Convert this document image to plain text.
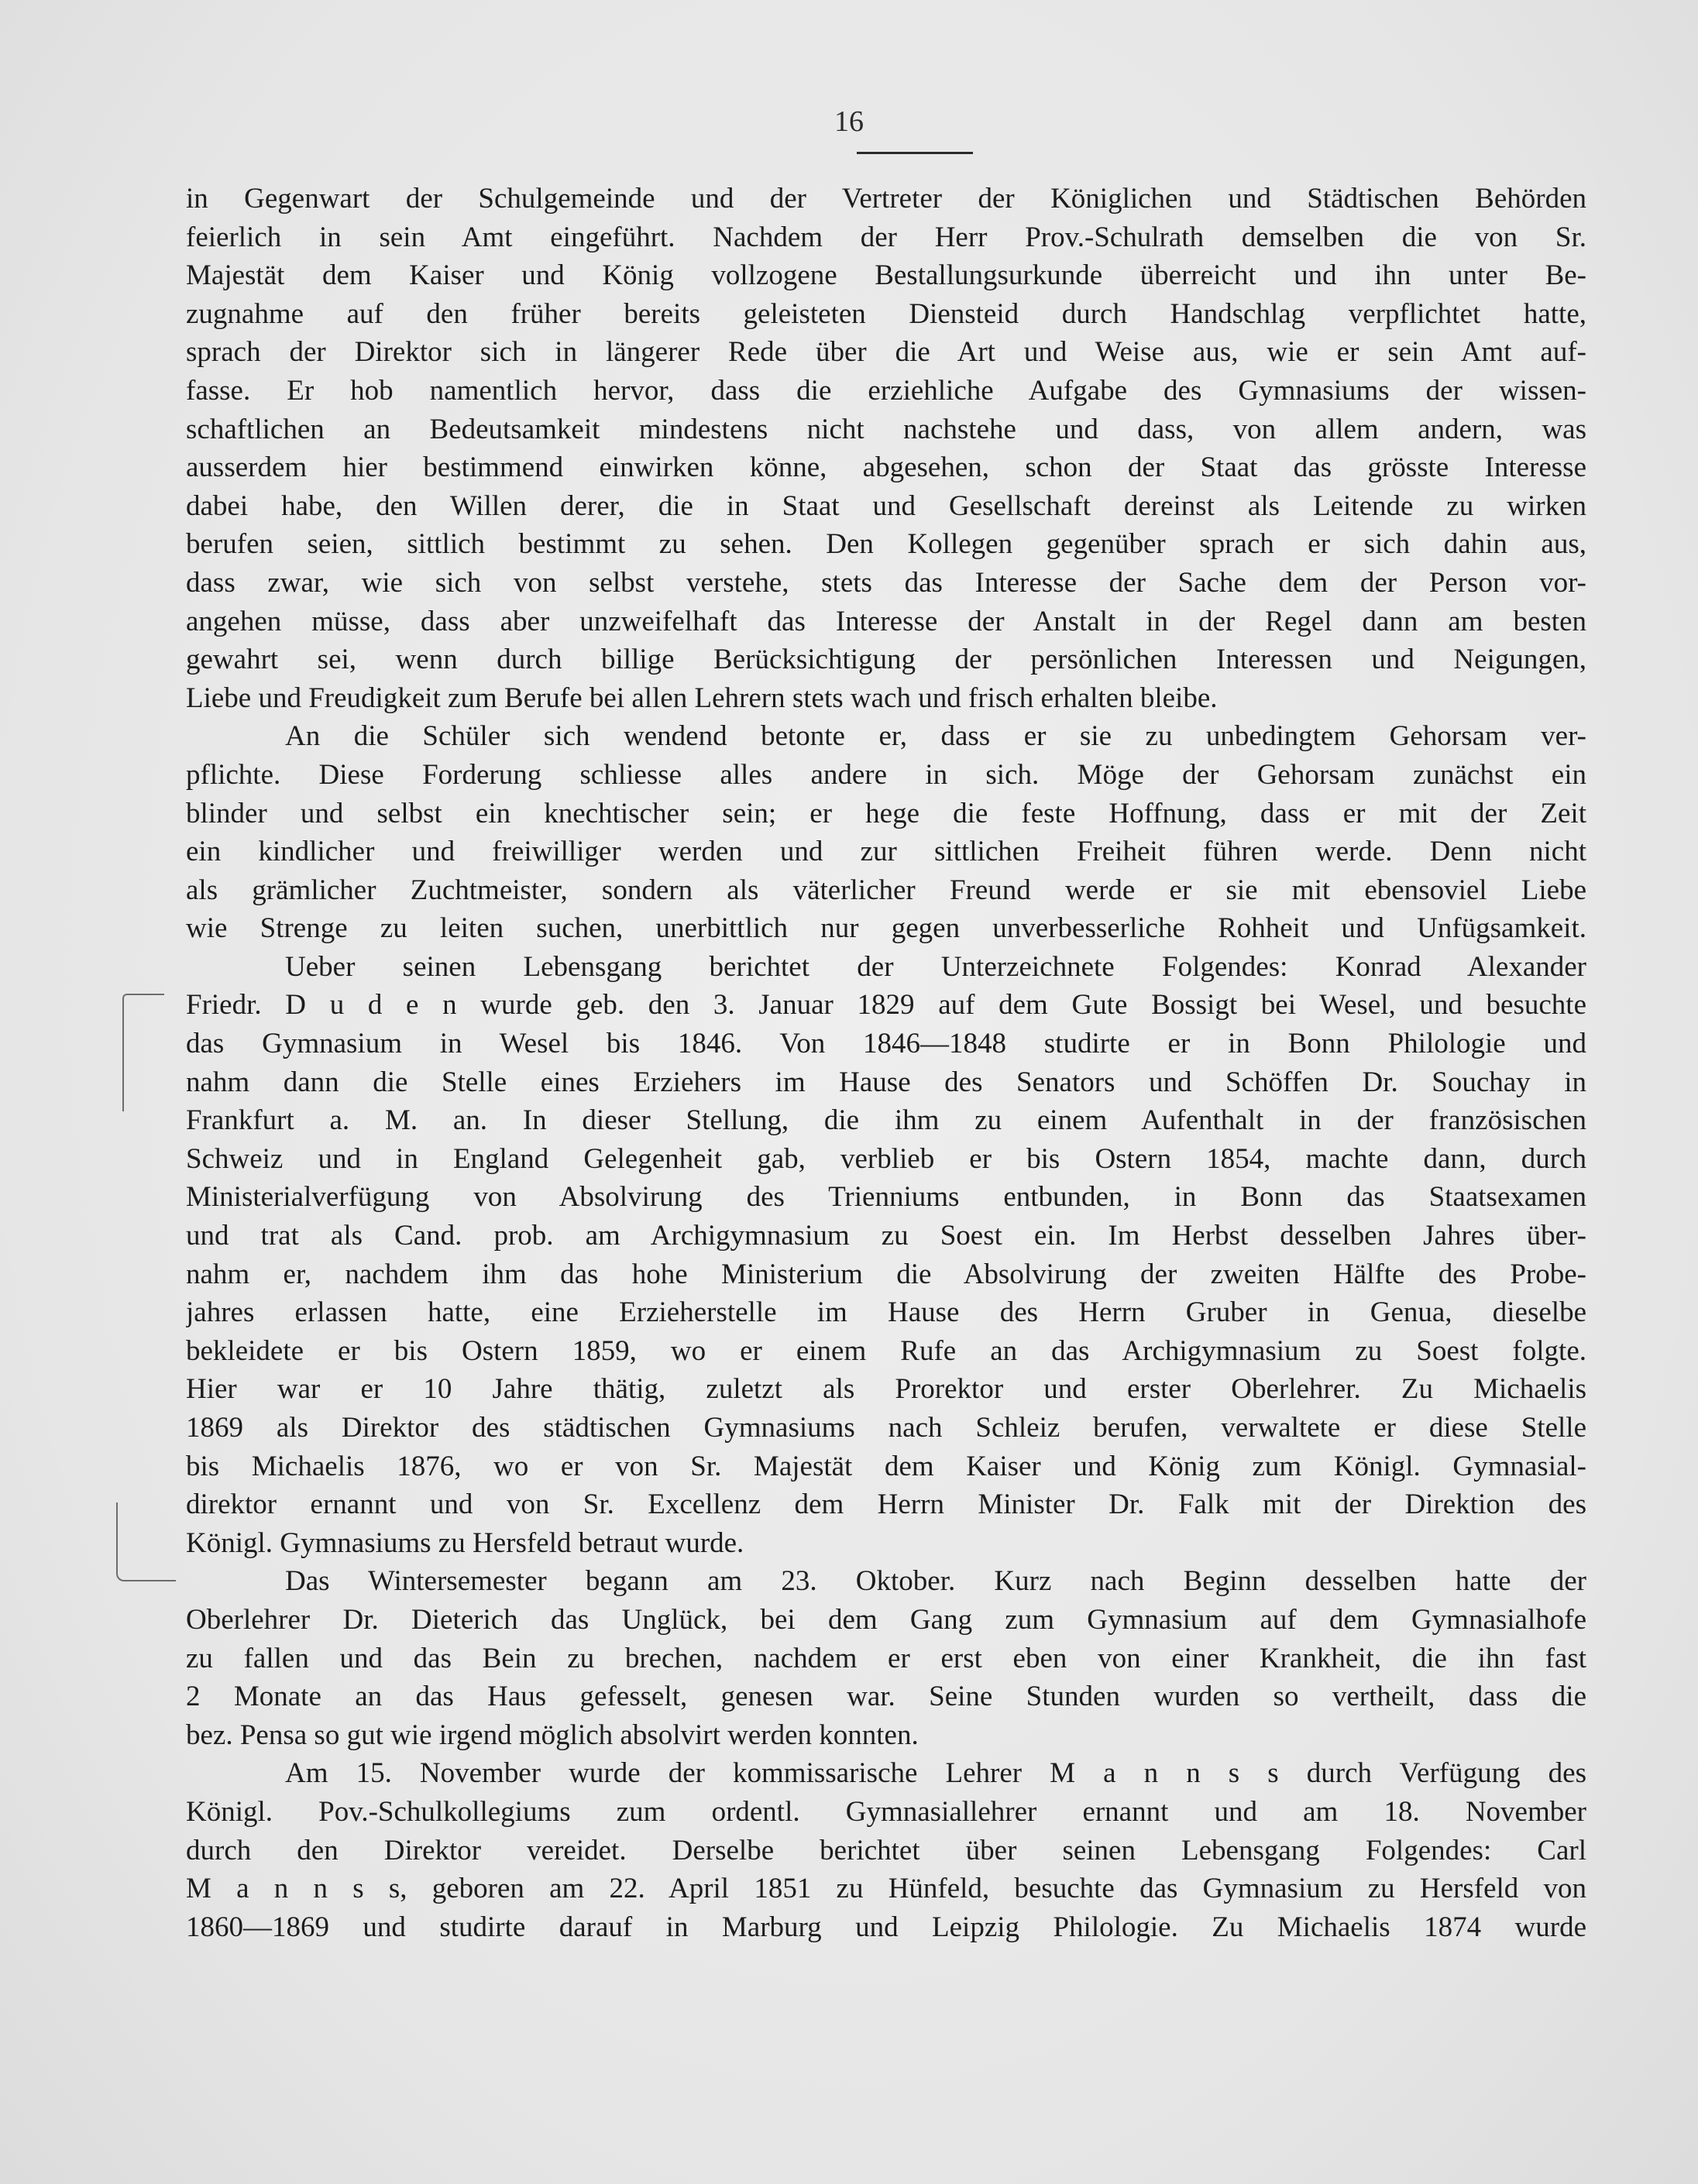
16
in Gegenwart der Schulgemeinde und der Vertreter der Königlichen und Städtischen Behörden
feierlich in sein Amt eingeführt. Nachdem der Herr Prov.-Schulrath demselben die von Sr.
Majestät dem Kaiser und König vollzogene Bestallungsurkunde überreicht und ihn unter Be-
zugnahme auf den früher bereits geleisteten Diensteid durch Handschlag verpflichtet hatte,
sprach der Direktor sich in längerer Rede über die Art und Weise aus, wie er sein Amt auf-
fasse. Er hob namentlich hervor, dass die erziehliche Aufgabe des Gymnasiums der wissen-
schaftlichen an Bedeutsamkeit mindestens nicht nachstehe und dass, von allem andern, was
ausserdem hier bestimmend einwirken könne, abgesehen, schon der Staat das grösste Interesse
dabei habe, den Willen derer, die in Staat und Gesellschaft dereinst als Leitende zu wirken
berufen seien, sittlich bestimmt zu sehen. Den Kollegen gegenüber sprach er sich dahin aus,
dass zwar, wie sich von selbst verstehe, stets das Interesse der Sache dem der Person vor-
angehen müsse, dass aber unzweifelhaft das Interesse der Anstalt in der Regel dann am besten
gewahrt sei, wenn durch billige Berücksichtigung der persönlichen Interessen und Neigungen,
Liebe und Freudigkeit zum Berufe bei allen Lehrern stets wach und frisch erhalten bleibe.
An die Schüler sich wendend betonte er, dass er sie zu unbedingtem Gehorsam ver-
pflichte. Diese Forderung schliesse alles andere in sich. Möge der Gehorsam zunächst ein
blinder und selbst ein knechtischer sein; er hege die feste Hoffnung, dass er mit der Zeit
ein kindlicher und freiwilliger werden und zur sittlichen Freiheit führen werde. Denn nicht
als grämlicher Zuchtmeister, sondern als väterlicher Freund werde er sie mit ebensoviel Liebe
wie Strenge zu leiten suchen, unerbittlich nur gegen unverbesserliche Rohheit und Unfügsamkeit.
Ueber seinen Lebensgang berichtet der Unterzeichnete Folgendes: Konrad Alexander
Friedr. D u d e n wurde geb. den 3. Januar 1829 auf dem Gute Bossigt bei Wesel, und besuchte
das Gymnasium in Wesel bis 1846. Von 1846—1848 studirte er in Bonn Philologie und
nahm dann die Stelle eines Erziehers im Hause des Senators und Schöffen Dr. Souchay in
Frankfurt a. M. an. In dieser Stellung, die ihm zu einem Aufenthalt in der französischen
Schweiz und in England Gelegenheit gab, verblieb er bis Ostern 1854, machte dann, durch
Ministerialverfügung von Absolvirung des Trienniums entbunden, in Bonn das Staatsexamen
und trat als Cand. prob. am Archigymnasium zu Soest ein. Im Herbst desselben Jahres über-
nahm er, nachdem ihm das hohe Ministerium die Absolvirung der zweiten Hälfte des Probe-
jahres erlassen hatte, eine Erzieherstelle im Hause des Herrn Gruber in Genua, dieselbe
bekleidete er bis Ostern 1859, wo er einem Rufe an das Archigymnasium zu Soest folgte.
Hier war er 10 Jahre thätig, zuletzt als Prorektor und erster Oberlehrer. Zu Michaelis
1869 als Direktor des städtischen Gymnasiums nach Schleiz berufen, verwaltete er diese Stelle
bis Michaelis 1876, wo er von Sr. Majestät dem Kaiser und König zum Königl. Gymnasial-
direktor ernannt und von Sr. Excellenz dem Herrn Minister Dr. Falk mit der Direktion des
Königl. Gymnasiums zu Hersfeld betraut wurde.
Das Wintersemester begann am 23. Oktober. Kurz nach Beginn desselben hatte der
Oberlehrer Dr. Dieterich das Unglück, bei dem Gang zum Gymnasium auf dem Gymnasialhofe
zu fallen und das Bein zu brechen, nachdem er erst eben von einer Krankheit, die ihn fast
2 Monate an das Haus gefesselt, genesen war. Seine Stunden wurden so vertheilt, dass die
bez. Pensa so gut wie irgend möglich absolvirt werden konnten.
Am 15. November wurde der kommissarische Lehrer M a n n s s durch Verfügung des
Königl. Pov.-Schulkollegiums zum ordentl. Gymnasiallehrer ernannt und am 18. November
durch den Direktor vereidet. Derselbe berichtet über seinen Lebensgang Folgendes: Carl
M a n n s s, geboren am 22. April 1851 zu Hünfeld, besuchte das Gymnasium zu Hersfeld von
1860—1869 und studirte darauf in Marburg und Leipzig Philologie. Zu Michaelis 1874 wurde
